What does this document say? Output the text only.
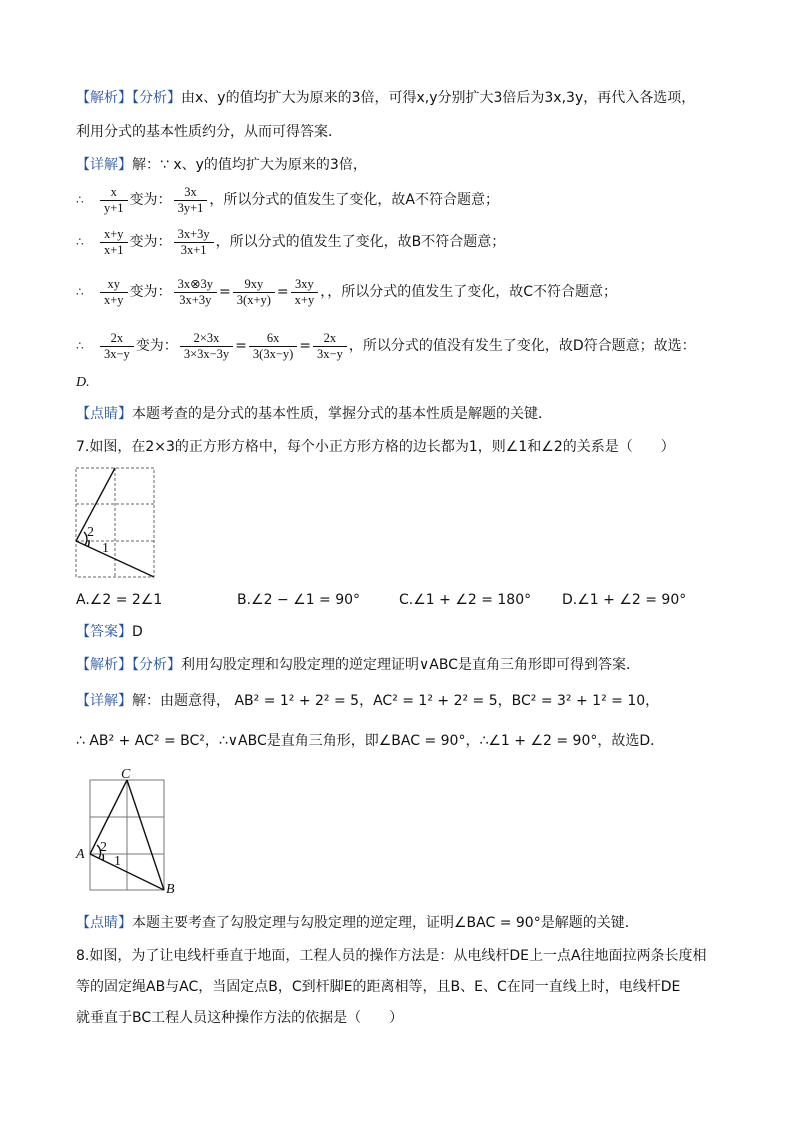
【解析】【分析】由x、y的值均扩大为原来的3倍，可得x,y分别扩大3倍后为3x,3y，再代入各选项，
利用分式的基本性质约分，从而可得答案．
【详解】解：∵ x、y的值均扩大为原来的3倍，
∴	$\frac{x}{y+1}$ 变为： $\frac{3x}{3y+1}$ ，所以分式的值发生了变化，故A不符合题意；
∴	$\frac{x+y}{x+1}$ 变为： $\frac{3x+3y}{3x+1}$ ，所以分式的值发生了变化，故B不符合题意；
∴	$\frac{xy}{x+y}$ 变为： $\frac{3x\otimes 3y}{3x+3y} = \frac{9xy}{3(x+y)} = \frac{3xy}{x+y}$ ，，所以分式的值发生了变化，故C不符合题意；
∴	$\frac{2x}{3x-y}$ 变为： $\frac{2\times 3x}{3\times 3x-3y} = \frac{6x}{3(3x-y)} = \frac{2x}{3x-y}$ ，所以分式的值没有发生了变化，故D符合题意；故选：
D.
【点睛】本题考查的是分式的基本性质，掌握分式的基本性质是解题的关键．
7.如图，在2×3的正方形方格中，每个小正方形方格的边长都为1，则∠1和∠2的关系是（　　）
2
1
A.∠2 = 2∠1	B.∠2 − ∠1 = 90°	C.∠1 + ∠2 = 180° D.∠1 + ∠2 = 90°
【答案】D
【解析】【分析】利用勾股定理和勾股定理的逆定理证明∨ABC是直角三角形即可得到答案．
【详解】解：由题意得， AB² = 1² + 2² = 5，AC² = 1² + 2² = 5，BC² = 3² + 1² = 10，
∴ AB² + AC² = BC²，∴∨ABC是直角三角形，即∠BAC = 90°，∴∠1 + ∠2 = 90°，故选D．
C
A
B
2
1
【点睛】本题主要考查了勾股定理与勾股定理的逆定理，证明∠BAC = 90°是解题的关键．
8.如图，为了让电线杆垂直于地面，工程人员的操作方法是：从电线杆DE上一点A往地面拉两条长度相
等的固定绳AB与AC，当固定点B，C到杆脚E的距离相等，且B、E、C在同一直线上时，电线杆DE
就垂直于BC工程人员这种操作方法的依据是（　　）
